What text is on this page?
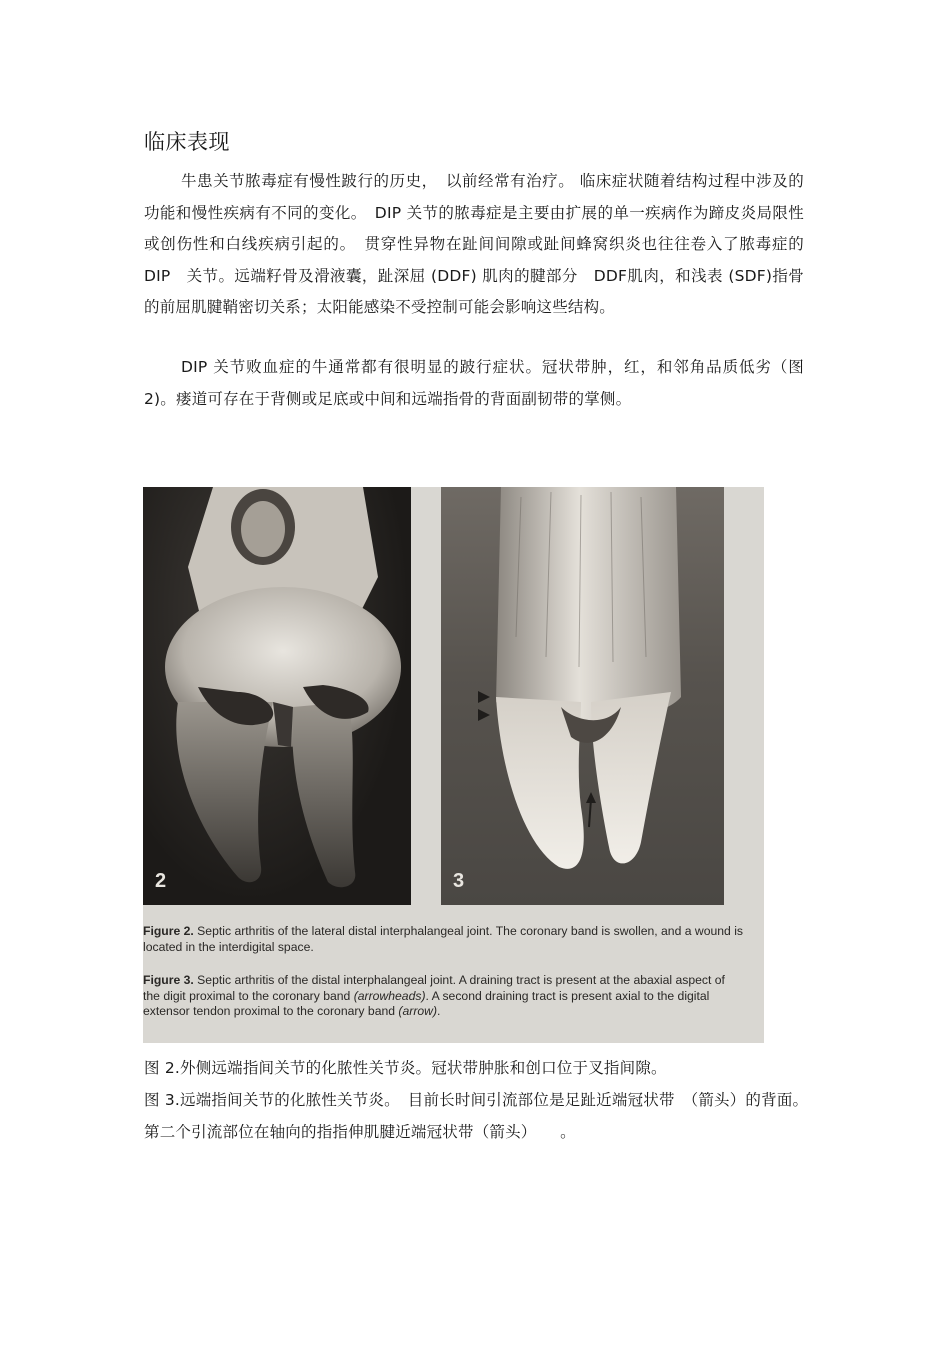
临床表现

牛患关节脓毒症有慢性跛行的历史，　以前经常有治疗。 临床症状随着结构过程中涉及的功能和慢性疾病有不同的变化。　DIP 关节的脓毒症是主要由扩展的单一疾病作为蹄皮炎局限性或创伤性和白线疾病引起的。　贯穿性异物在趾间间隙或趾间蜂窝织炎也往往卷入了脓毒症的　DIP　关节。远端籽骨及滑液囊，趾深屈 (DDF) 肌肉的腱部分　DDF肌肉，和浅表 (SDF)指骨的前屈肌腱鞘密切关系；太阳能感染不受控制可能会影响这些结构。

DIP 关节败血症的牛通常都有很明显的跛行症状。冠状带肿，红，和邻角品质低劣（图　2)。瘘道可存在于背侧或足底或中间和远端指骨的背面副韧带的掌侧。

2	3
Figure 2. Septic arthritis of the lateral distal interphalangeal joint. The coronary band is swollen, and a wound is located in the interdigital space.
Figure 3. Septic arthritis of the distal interphalangeal joint. A draining tract is present at the abaxial aspect of the digit proximal to the coronary band (arrowheads). A second draining tract is present axial to the digital extensor tendon proximal to the coronary band (arrow).

图 2.外侧远端指间关节的化脓性关节炎。冠状带肿胀和创口位于叉指间隙。

图 3.远端指间关节的化脓性关节炎。　目前长时间引流部位是足趾近端冠状带　（箭头）的背面。第二个引流部位在轴向的指指伸肌腱近端冠状带（箭头）　　。
